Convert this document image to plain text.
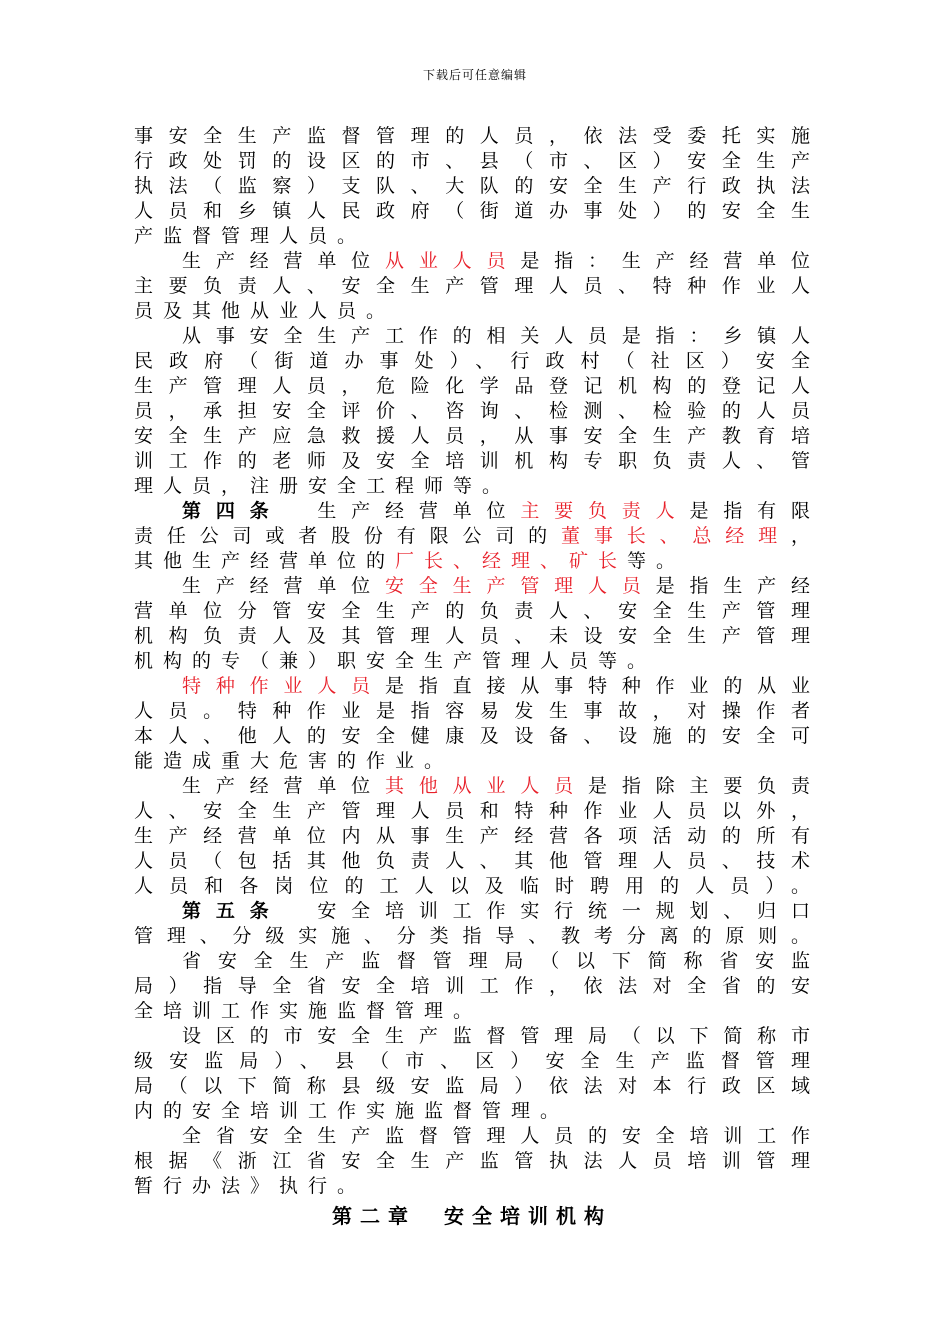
下载后可任意编辑
事安全生产监督管理的人员，依法受委托实施
行政处罚的设区的市、县（市、区）安全生产
执法（监察）支队、大队的安全生产行政执法
人员和乡镇人民政府（街道办事处）的安全生
产监督管理人员。
生产经营单位从业人员是指：生产经营单位
主要负责人、安全生产管理人员、特种作业人
员及其他从业人员。
从事安全生产工作的相关人员是指：乡镇人
民政府（街道办事处）、行政村（社区）安全
生产管理人员，危险化学品登记机构的登记人
员，承担安全评价、咨询、检测、检验的人员
安全生产应急救援人员，从事安全生产教育培
训工作的老师及安全培训机构专职负责人、管
理人员，注册安全工程师等。
第四条　生产经营单位主要负责人是指有限
责任公司或者股份有限公司的董事长、总经理，
其他生产经营单位的厂长、经理、矿长等。
生产经营单位安全生产管理人员是指生产经
营单位分管安全生产的负责人、安全生产管理
机构负责人及其管理人员、未设安全生产管理
机构的专（兼）职安全生产管理人员等。
特种作业人员是指直接从事特种作业的从业
人员。特种作业是指容易发生事故，对操作者
本人、他人的安全健康及设备、设施的安全可
能造成重大危害的作业。
生产经营单位其他从业人员是指除主要负责
人、安全生产管理人员和特种作业人员以外，
生产经营单位内从事生产经营各项活动的所有
人员（包括其他负责人、其他管理人员、技术
人员和各岗位的工人以及临时聘用的人员）。
第五条　安全培训工作实行统一规划、归口
管理、分级实施、分类指导、教考分离的原则。
省安全生产监督管理局（以下简称省安监
局）指导全省安全培训工作，依法对全省的安
全培训工作实施监督管理。
设区的市安全生产监督管理局（以下简称市
级安监局）、县（市、区）安全生产监督管理
局（以下简称县级安监局）依法对本行政区域
内的安全培训工作实施监督管理。
全省安全生产监督管理人员的安全培训工作
根据《浙江省安全生产监管执法人员培训管理
暂行办法》执行。
第二章　安全培训机构
